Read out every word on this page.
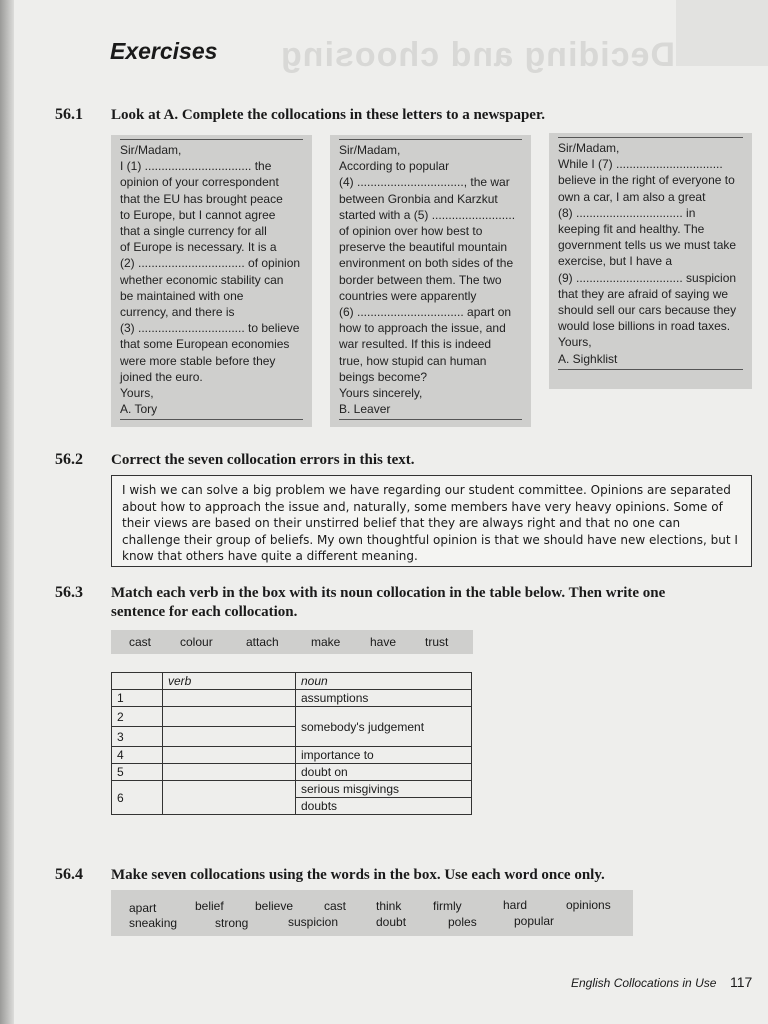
Deciding and choosing
Exercises
56.1 Look at A. Complete the collocations in these letters to a newspaper.
Sir/Madam,
I (1) ................................ the
opinion of your correspondent
that the EU has brought peace
to Europe, but I cannot agree
that a single currency for all
of Europe is necessary. It is a
(2) ................................ of opinion
whether economic stability can
be maintained with one
currency, and there is
(3) ................................ to believe
that some European economies
were more stable before they
joined the euro.
Yours,
A. Tory
Sir/Madam,
According to popular
(4) ................................, the war
between Gronbia and Karzkut
started with a (5) .........................
of opinion over how best to
preserve the beautiful mountain
environment on both sides of the
border between them. The two
countries were apparently
(6) ................................ apart on
how to approach the issue, and
war resulted. If this is indeed
true, how stupid can human
beings become?
Yours sincerely,
B. Leaver
Sir/Madam,
While I (7) ................................
believe in the right of everyone to
own a car, I am also a great
(8) ................................ in
keeping fit and healthy. The
government tells us we must take
exercise, but I have a
(9) ................................ suspicion
that they are afraid of saying we
should sell our cars because they
would lose billions in road taxes.
Yours,
A. Sighklist
56.2 Correct the seven collocation errors in this text.
I wish we can solve a big problem we have regarding our student committee. Opinions are separated about how to approach the issue and, naturally, some members have very heavy opinions. Some of their views are based on their unstirred belief that they are always right and that no one can challenge their group of beliefs. My own thoughtful opinion is that we should have new elections, but I know that others have quite a different meaning.
56.3 Match each verb in the box with its noun collocation in the table below. Then write one sentence for each collocation.
cast colour	attach	make have trust
	verb	noun
1		assumptions
2		somebody's judgement
3		
4		importance to
5		doubt on
6		serious misgivings
		doubts
56.4 Make seven collocations using the words in the box. Use each word once only.
apart	belief	believe	cast think	firmly	hard	opinions
sneaking	strong	suspicion	doubt	poles	popular
English Collocations in Use 117
